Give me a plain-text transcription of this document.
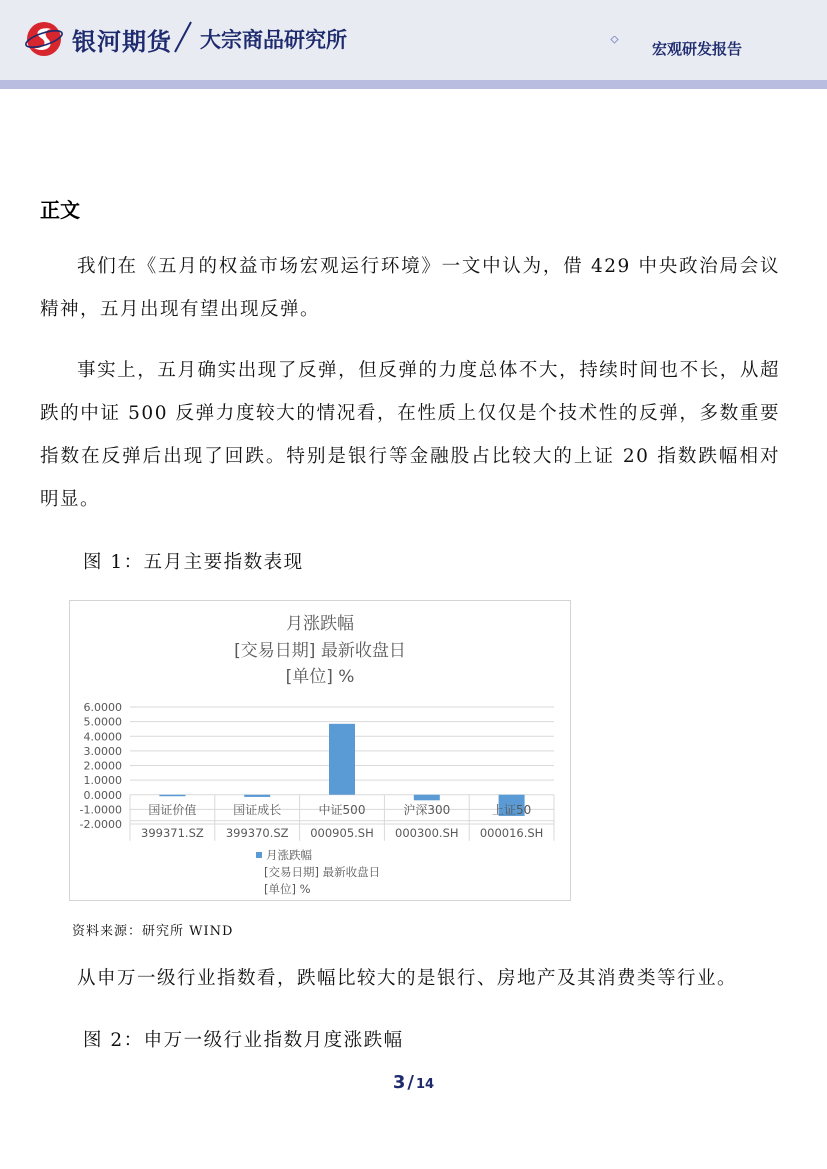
银河期货 大宗商品研究所	宏观研发报告
正文

我们在《五月的权益市场宏观运行环境》一文中认为，借 429 中央政治局会议精神，五月出现有望出现反弹。

事实上，五月确实出现了反弹，但反弹的力度总体不大，持续时间也不长，从超跌的中证 500 反弹力度较大的情况看，在性质上仅仅是个技术性的反弹，多数重要指数在反弹后出现了回跌。特别是银行等金融股占比较大的上证 20 指数跌幅相对明显。

图 1：五月主要指数表现
月涨跌幅
[交易日期] 最新收盘日
[单位] %
6.0000
5.0000
4.0000
3.0000
2.0000
1.0000
0.0000
-1.0000
-2.0000
国证价值
399371.SZ
国证成长
399370.SZ
中证500
000905.SH
沪深300
000300.SH
上证50
000016.SH
月涨跌幅
[交易日期] 最新收盘日
[单位] %
资料来源：研究所 WIND

从申万一级行业指数看，跌幅比较大的是银行、房地产及其消费类等行业。

图 2：申万一级行业指数月度涨跌幅
3 / 14
